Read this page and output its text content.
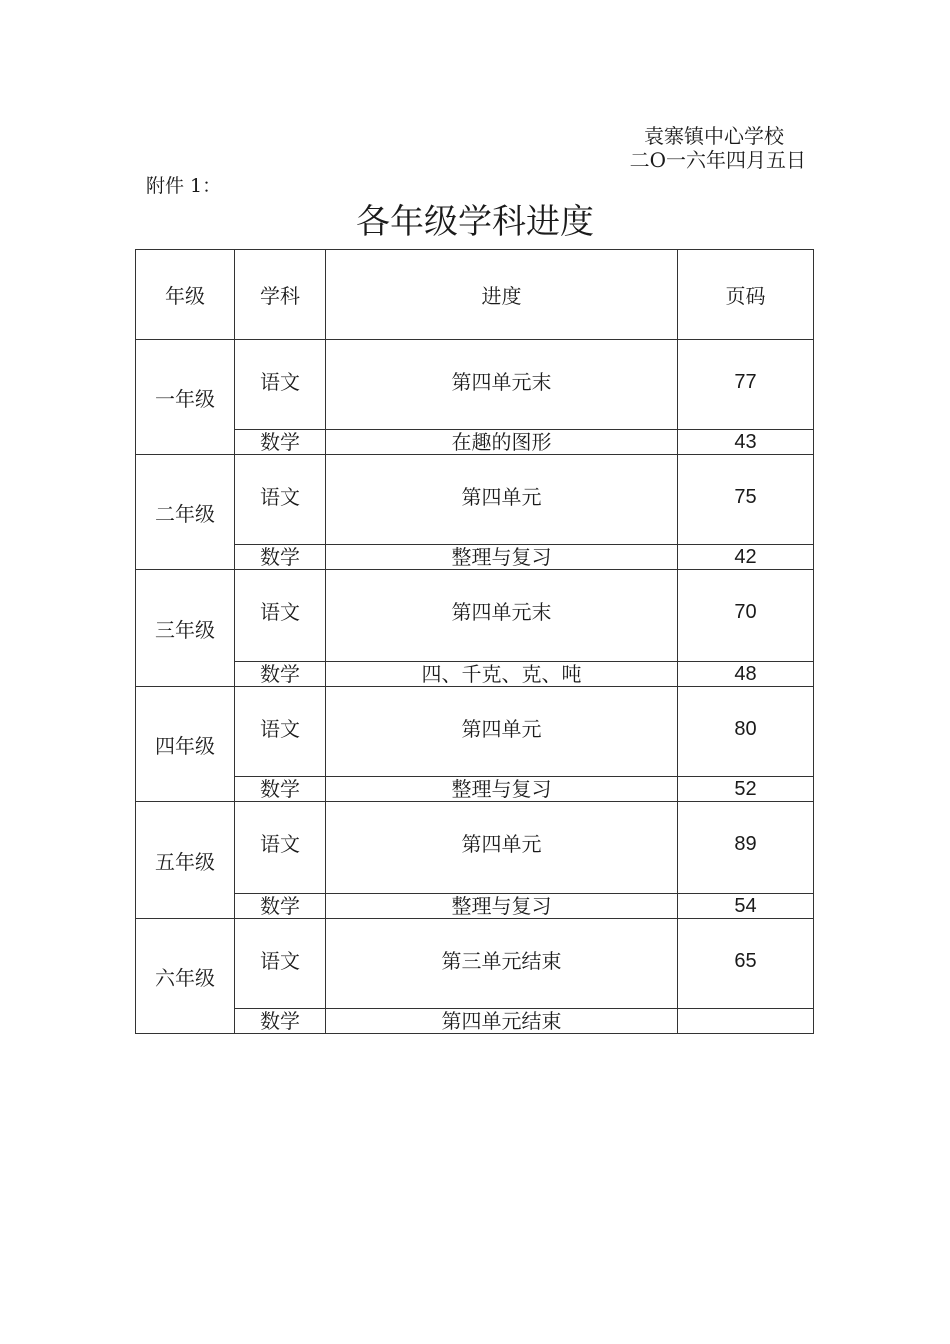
袁寨镇中心学校
二O一六年四月五日
附件 1：
各年级学科进度
年级	学科	进度	页码
一年级	语文	第四单元末	77

	数学	在趣的图形	43
二年级	语文	第四单元	75

	数学	整理与复习	42
三年级	语文	第四单元末	70

	数学	四、千克、克、吨	48
四年级	语文	第四单元	80

	数学	整理与复习	52
五年级	语文	第四单元	89

	数学	整理与复习	54
六年级	语文	第三单元结束	65

	数学	第四单元结束	
